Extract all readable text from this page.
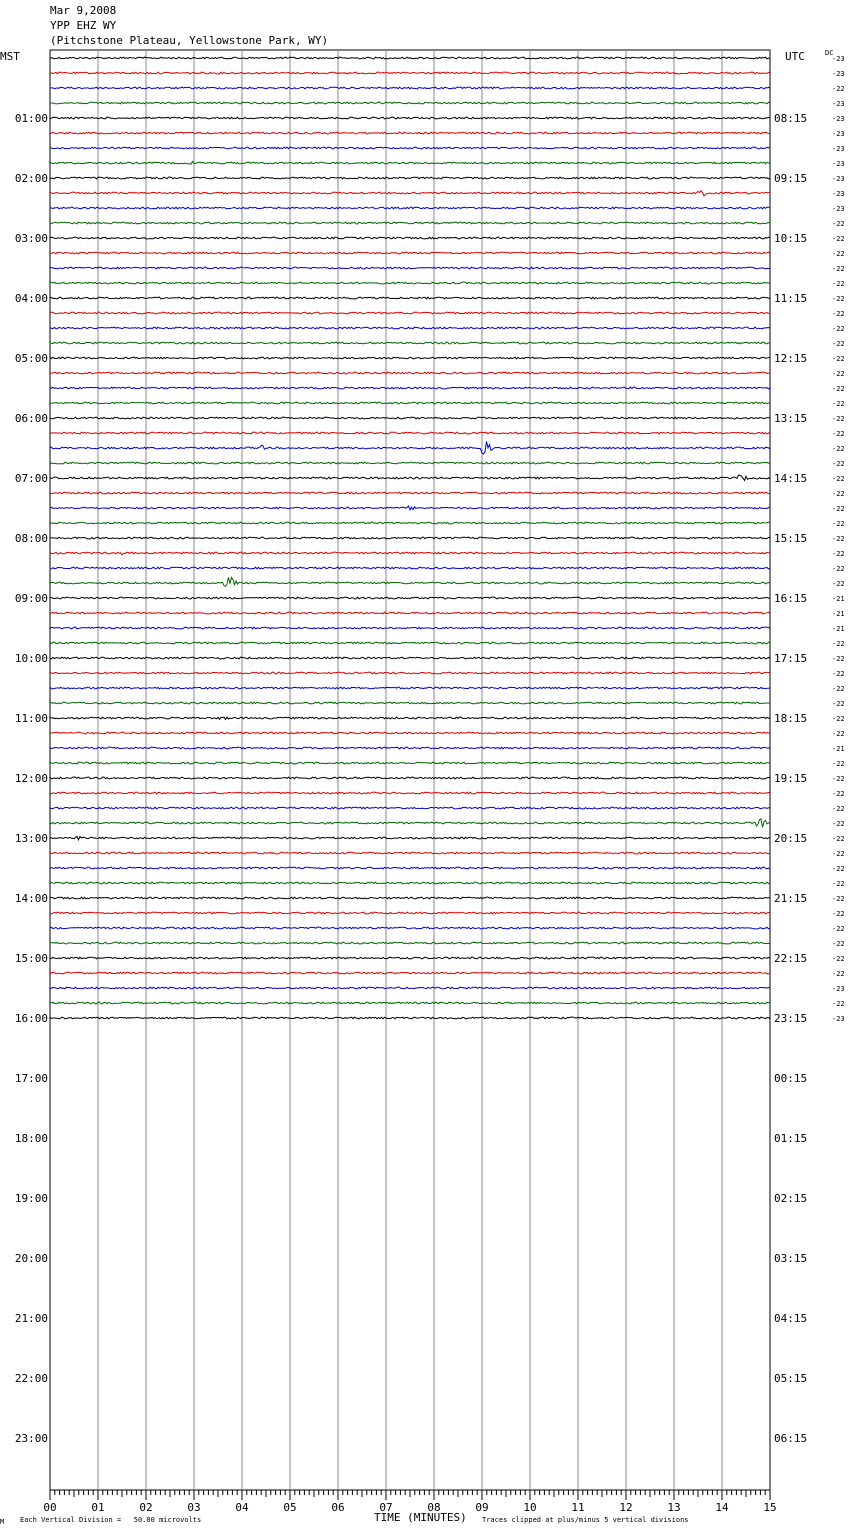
Mar 9,2008
YPP EHZ WY
(Pitchstone Plateau, Yellowstone Park, WY)
MST	UTC	DC
-23
-23
-22
-23
-23
-23
-23
-23
-23
-23
-23
-22
-22
-22
-22
-22
-22
-22
-22
-22
-22
-22
-22
-22
-22
-22
-22
-22
-22
-22
-22
-22
-22
-22
-22
-22
-21
-21
-21
-22
-22
-22
-22
-22
-22
-22
-21
-22
-22
-22
-22
-22
-22
-22
-22
-22
-22
-22
-22
-22
-22
-22
-23
-22
-23
00	01	02	03	04	05	06	07	08	09	10	11	12	13	14	15
01:00	08:15
02:00	09:15
03:00	10:15
04:00	11:15
05:00	12:15
06:00	13:15
07:00	14:15
08:00	15:15
09:00	16:15
10:00	17:15
11:00	18:15
12:00	19:15
13:00	20:15
14:00	21:15
15:00	22:15
16:00	23:15
17:00	00:15
18:00	01:15
19:00	02:15
20:00	03:15
21:00	04:15
22:00	05:15
23:00	06:15
TIME (MINUTES)
M Each Vertical Division =   50.00 microvolts	Traces clipped at plus/minus 5 vertical divisions
